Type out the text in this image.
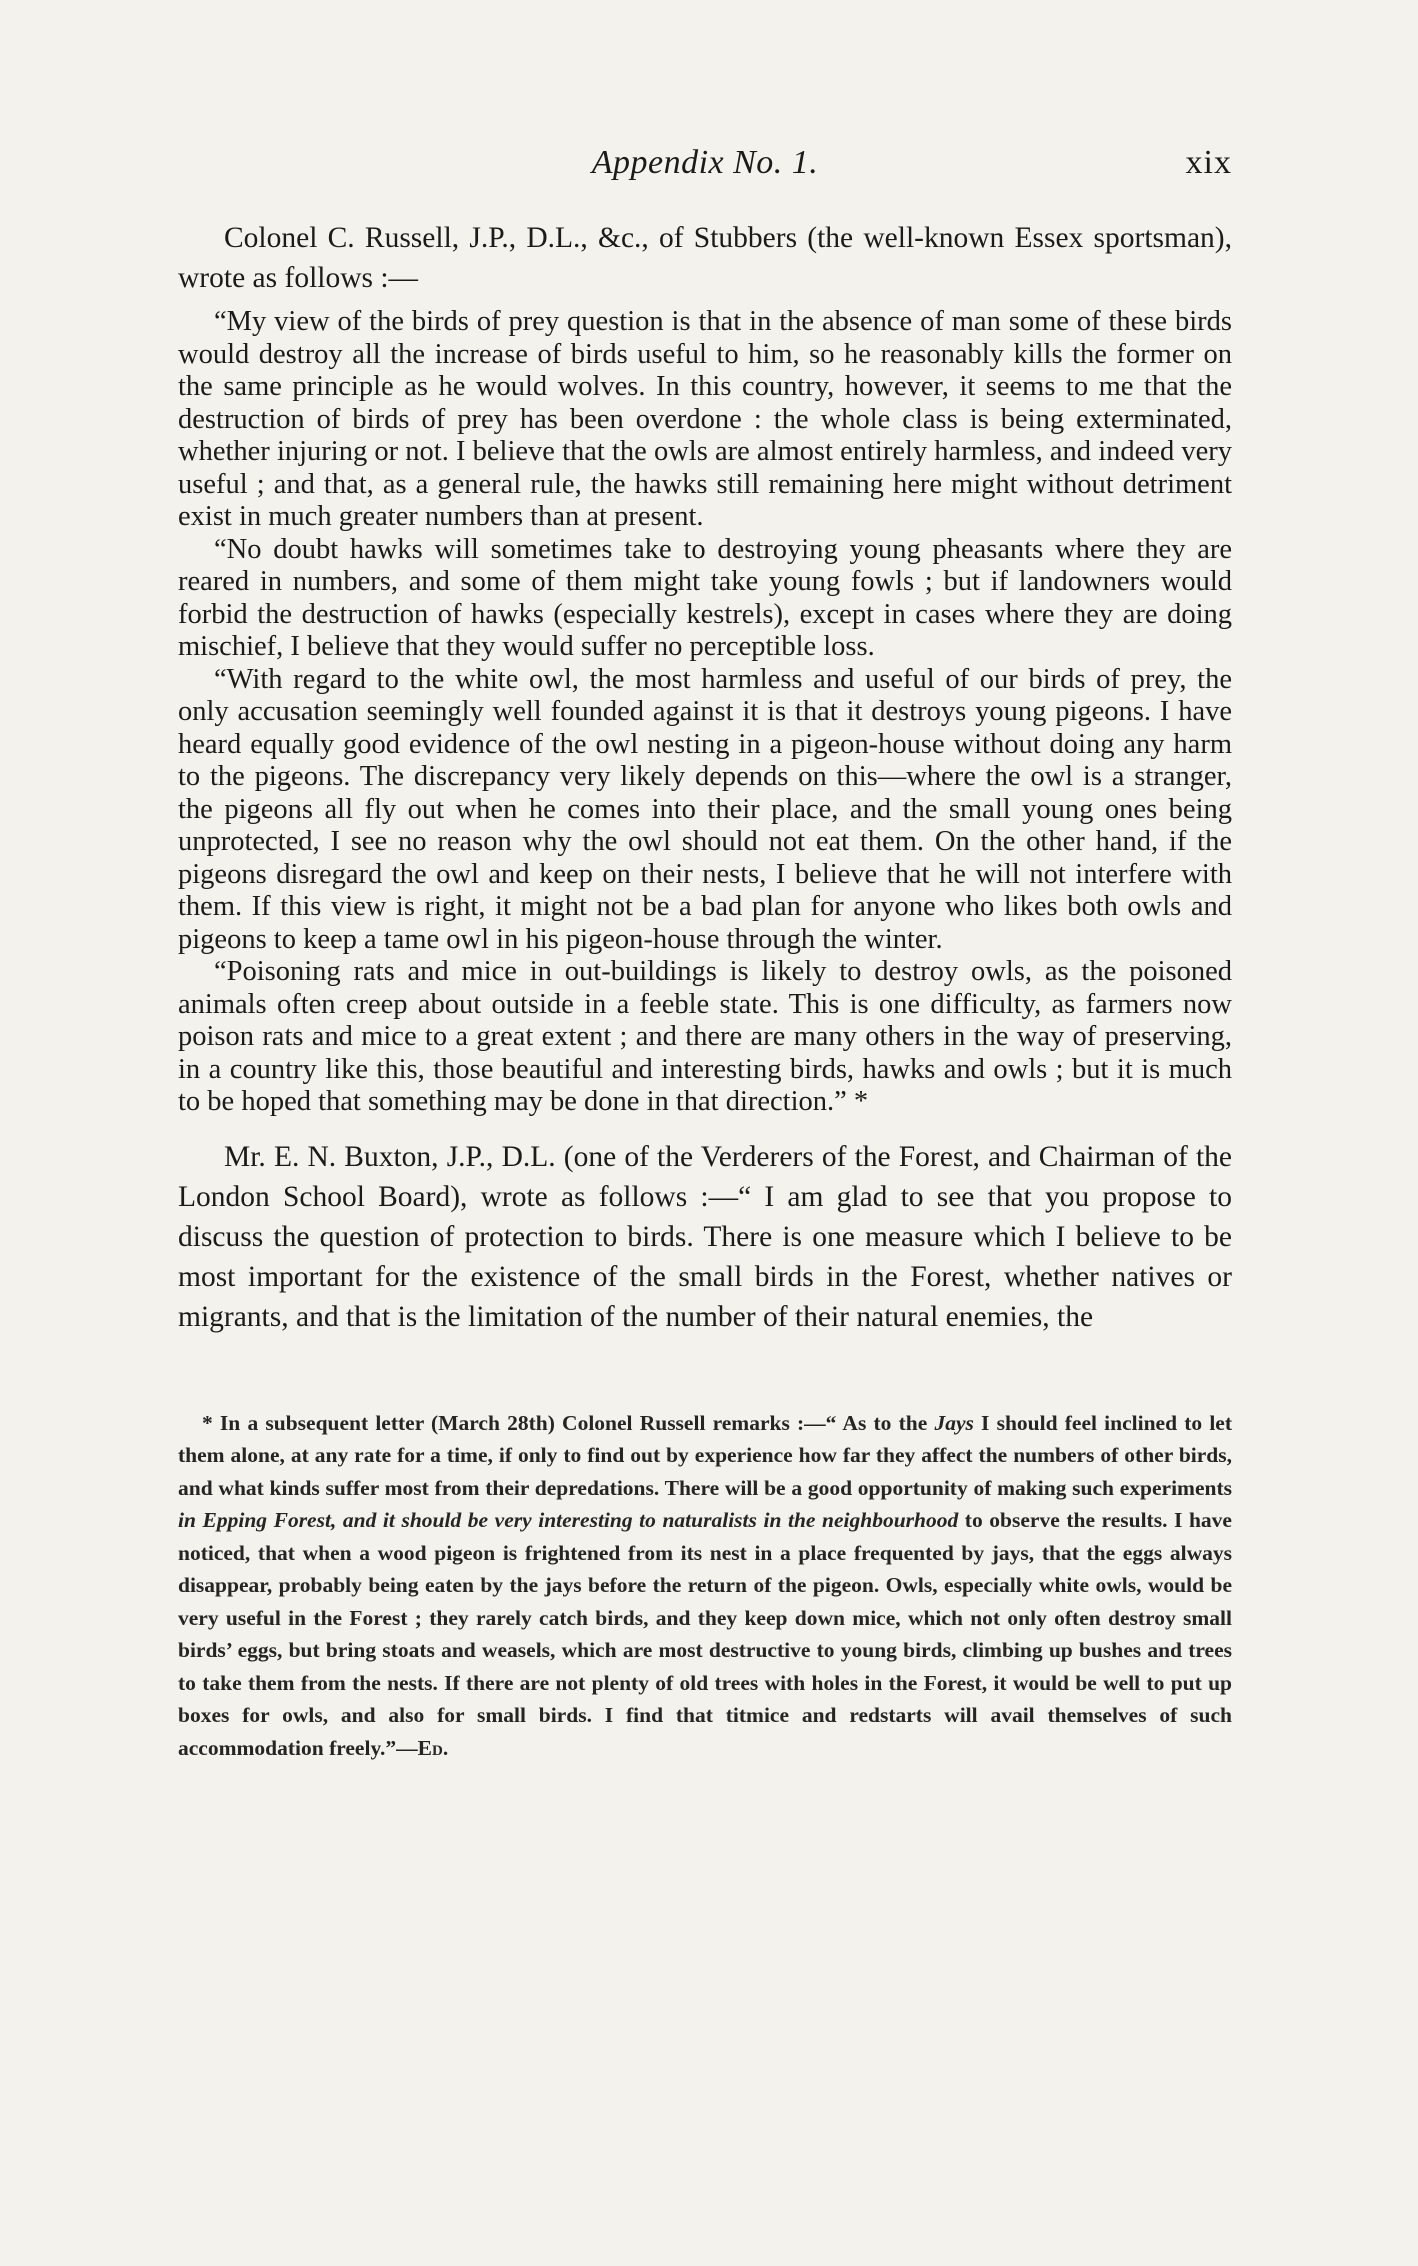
Appendix No. 1.	xix

Colonel C. Russell, J.P., D.L., &c., of Stubbers (the well-known Essex sportsman), wrote as follows :—

“My view of the birds of prey question is that in the absence of man some of these birds would destroy all the increase of birds useful to him, so he reasonably kills the former on the same principle as he would wolves. In this country, however, it seems to me that the destruction of birds of prey has been overdone : the whole class is being exterminated, whether injuring or not. I believe that the owls are almost entirely harmless, and indeed very useful ; and that, as a general rule, the hawks still remaining here might without detriment exist in much greater numbers than at present.

“No doubt hawks will sometimes take to destroying young pheasants where they are reared in numbers, and some of them might take young fowls ; but if landowners would forbid the destruction of hawks (especially kestrels), except in cases where they are doing mischief, I believe that they would suffer no perceptible loss.

“With regard to the white owl, the most harmless and useful of our birds of prey, the only accusation seemingly well founded against it is that it destroys young pigeons. I have heard equally good evidence of the owl nesting in a pigeon-house without doing any harm to the pigeons. The discrepancy very likely depends on this—where the owl is a stranger, the pigeons all fly out when he comes into their place, and the small young ones being unprotected, I see no reason why the owl should not eat them. On the other hand, if the pigeons disregard the owl and keep on their nests, I believe that he will not interfere with them. If this view is right, it might not be a bad plan for anyone who likes both owls and pigeons to keep a tame owl in his pigeon-house through the winter.

“Poisoning rats and mice in out-buildings is likely to destroy owls, as the poisoned animals often creep about outside in a feeble state. This is one difficulty, as farmers now poison rats and mice to a great extent ; and there are many others in the way of preserving, in a country like this, those beautiful and interesting birds, hawks and owls ; but it is much to be hoped that something may be done in that direction.” *

Mr. E. N. Buxton, J.P., D.L. (one of the Verderers of the Forest, and Chairman of the London School Board), wrote as follows :—“ I am glad to see that you propose to discuss the question of protection to birds. There is one measure which I believe to be most important for the existence of the small birds in the Forest, whether natives or migrants, and that is the limitation of the number of their natural enemies, the

* In a subsequent letter (March 28th) Colonel Russell remarks :—“ As to the Jays I should feel inclined to let them alone, at any rate for a time, if only to find out by experience how far they affect the numbers of other birds, and what kinds suffer most from their depredations. There will be a good opportunity of making such experiments in Epping Forest, and it should be very interesting to naturalists in the neighbourhood to observe the results. I have noticed, that when a wood pigeon is frightened from its nest in a place frequented by jays, that the eggs always disappear, probably being eaten by the jays before the return of the pigeon. Owls, especially white owls, would be very useful in the Forest ; they rarely catch birds, and they keep down mice, which not only often destroy small birds’ eggs, but bring stoats and weasels, which are most destructive to young birds, climbing up bushes and trees to take them from the nests. If there are not plenty of old trees with holes in the Forest, it would be well to put up boxes for owls, and also for small birds. I find that titmice and redstarts will avail themselves of such accommodation freely.”—Ed.
